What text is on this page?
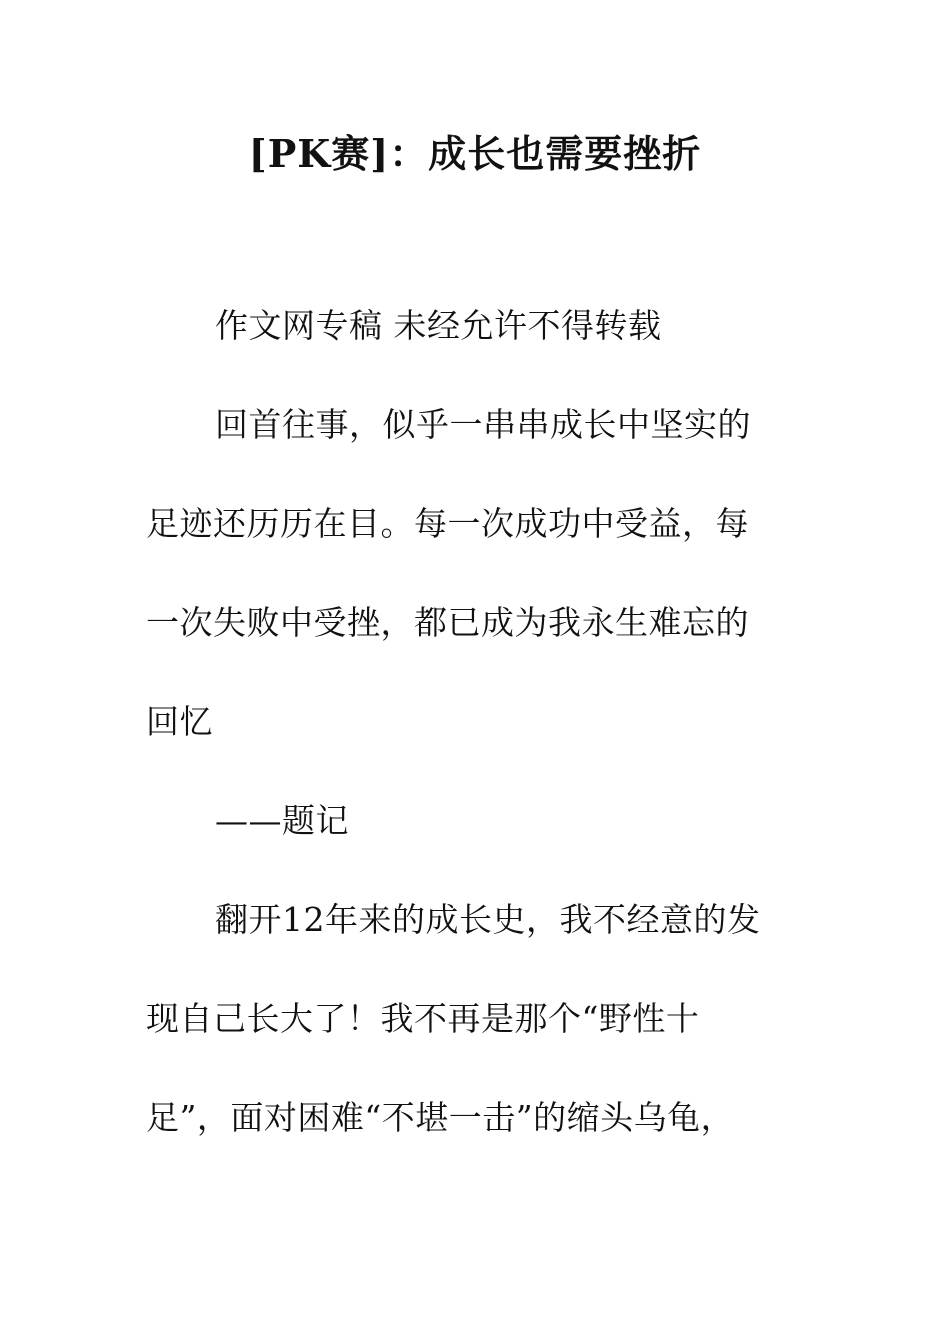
[PK赛]：成长也需要挫折
作文网专稿 未经允许不得转载
回首往事，似乎一串串成长中坚实的
足迹还历历在目。每一次成功中受益，每
一次失败中受挫，都已成为我永生难忘的
回忆
——题记
翻开12年来的成长史，我不经意的发
现自己长大了！我不再是那个“野性十
足”，面对困难“不堪一击”的缩头乌龟，
